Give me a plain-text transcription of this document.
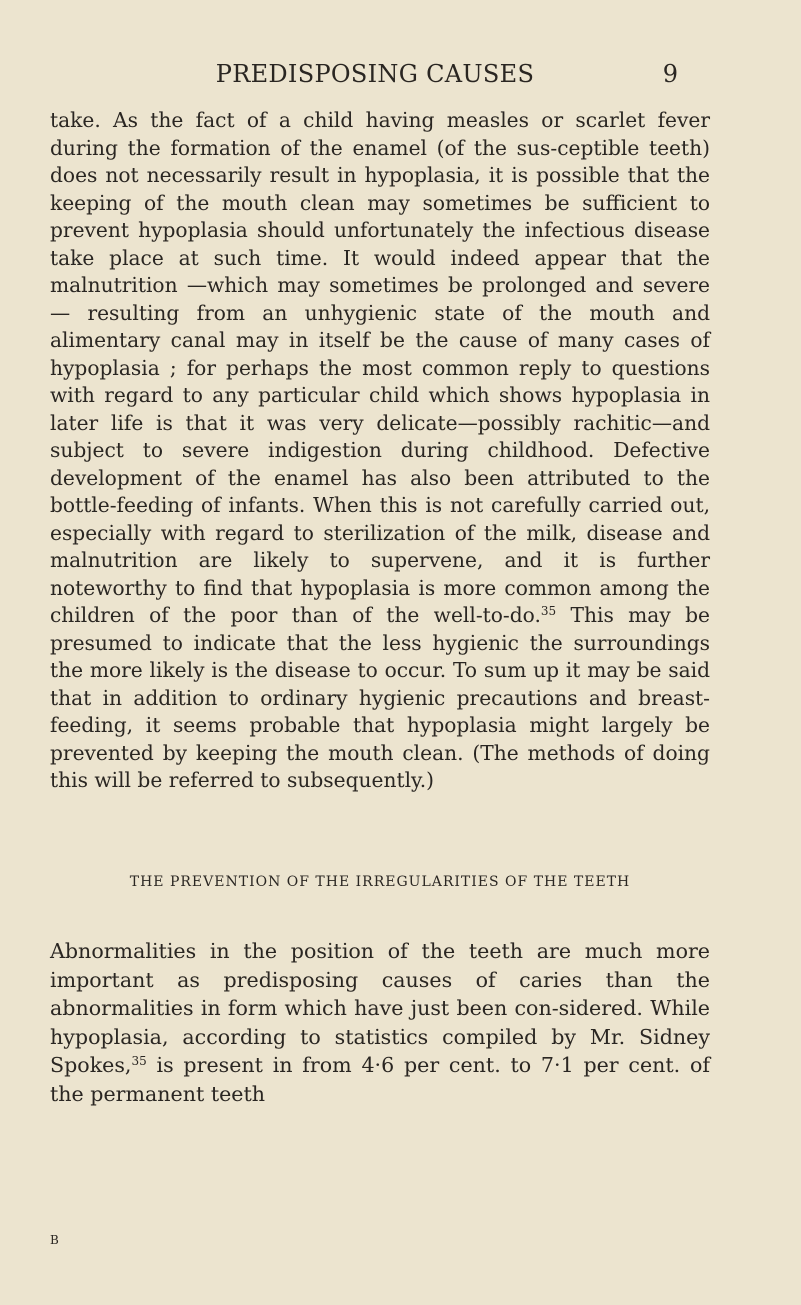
PREDISPOSING CAUSES	9

take. As the fact of a child having measles or scarlet fever during the formation of the enamel (of the sus-ceptible teeth) does not necessarily result in hypoplasia, it is possible that the keeping of the mouth clean may sometimes be sufficient to prevent hypoplasia should unfortunately the infectious disease take place at such time. It would indeed appear that the malnutrition —which may sometimes be prolonged and severe— resulting from an unhygienic state of the mouth and alimentary canal may in itself be the cause of many cases of hypoplasia ; for perhaps the most common reply to questions with regard to any particular child which shows hypoplasia in later life is that it was very delicate—possibly rachitic—and subject to severe indigestion during childhood. Defective development of the enamel has also been attributed to the bottle-feeding of infants. When this is not carefully carried out, especially with regard to sterilization of the milk, disease and malnutrition are likely to supervene, and it is further noteworthy to find that hypoplasia is more common among the children of the poor than of the well-to-do.$^{35}$ This may be presumed to indicate that the less hygienic the surroundings the more likely is the disease to occur. To sum up it may be said that in addition to ordinary hygienic precautions and breast-feeding, it seems probable that hypoplasia might largely be prevented by keeping the mouth clean. (The methods of doing this will be referred to subsequently.)

THE PREVENTION OF THE IRREGULARITIES OF THE TEETH

Abnormalities in the position of the teeth are much more important as predisposing causes of caries than the abnormalities in form which have just been con-sidered. While hypoplasia, according to statistics compiled by Mr. Sidney Spokes,$^{35}$ is present in from 4·6 per cent. to 7·1 per cent. of the permanent teeth

B
